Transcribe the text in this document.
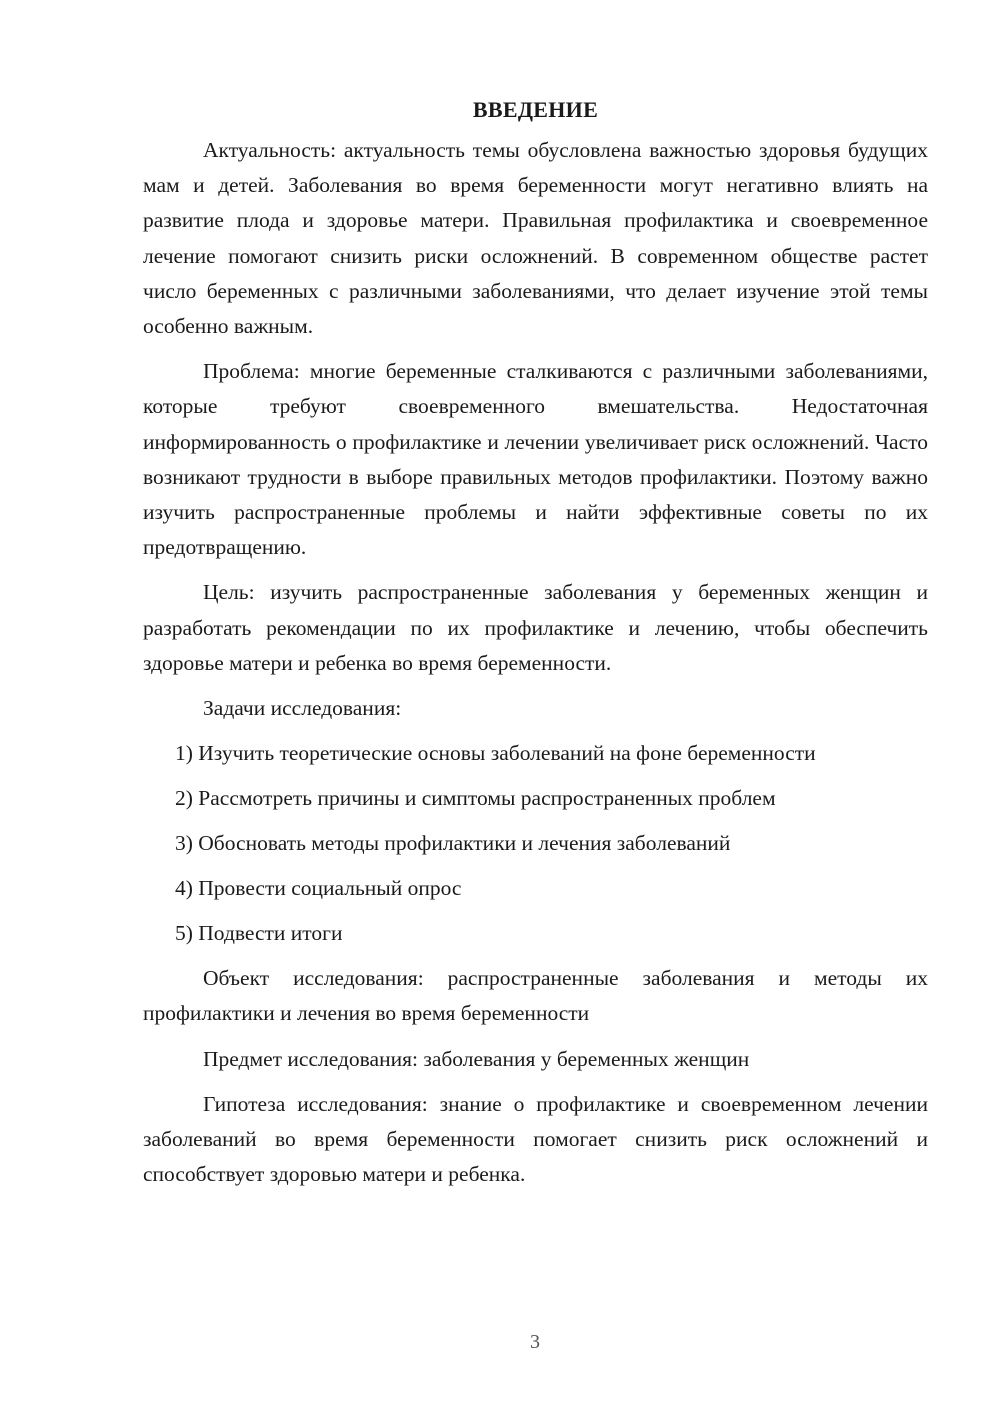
ВВЕДЕНИЕ

Актуальность: актуальность темы обусловлена важностью здоровья будущих мам и детей. Заболевания во время беременности могут негативно влиять на развитие плода и здоровье матери. Правильная профилактика и своевременное лечение помогают снизить риски осложнений. В современном обществе растет число беременных с различными заболеваниями, что делает изучение этой темы особенно важным.

Проблема: многие беременные сталкиваются с различными заболеваниями, которые требуют своевременного вмешательства. Недостаточная информированность о профилактике и лечении увеличивает риск осложнений. Часто возникают трудности в выборе правильных методов профилактики. Поэтому важно изучить распространенные проблемы и найти эффективные советы по их предотвращению.

Цель: изучить распространенные заболевания у беременных женщин и разработать рекомендации по их профилактике и лечению, чтобы обеспечить здоровье матери и ребенка во время беременности.

Задачи исследования:

1) Изучить теоретические основы заболеваний на фоне беременности
2) Рассмотреть причины и симптомы распространенных проблем
3) Обосновать методы профилактики и лечения заболеваний
4) Провести социальный опрос
5) Подвести итоги

Объект исследования: распространенные заболевания и методы их профилактики и лечения во время беременности

Предмет исследования: заболевания у беременных женщин

Гипотеза исследования: знание о профилактике и своевременном лечении заболеваний во время беременности помогает снизить риск осложнений и способствует здоровью матери и ребенка.

3
